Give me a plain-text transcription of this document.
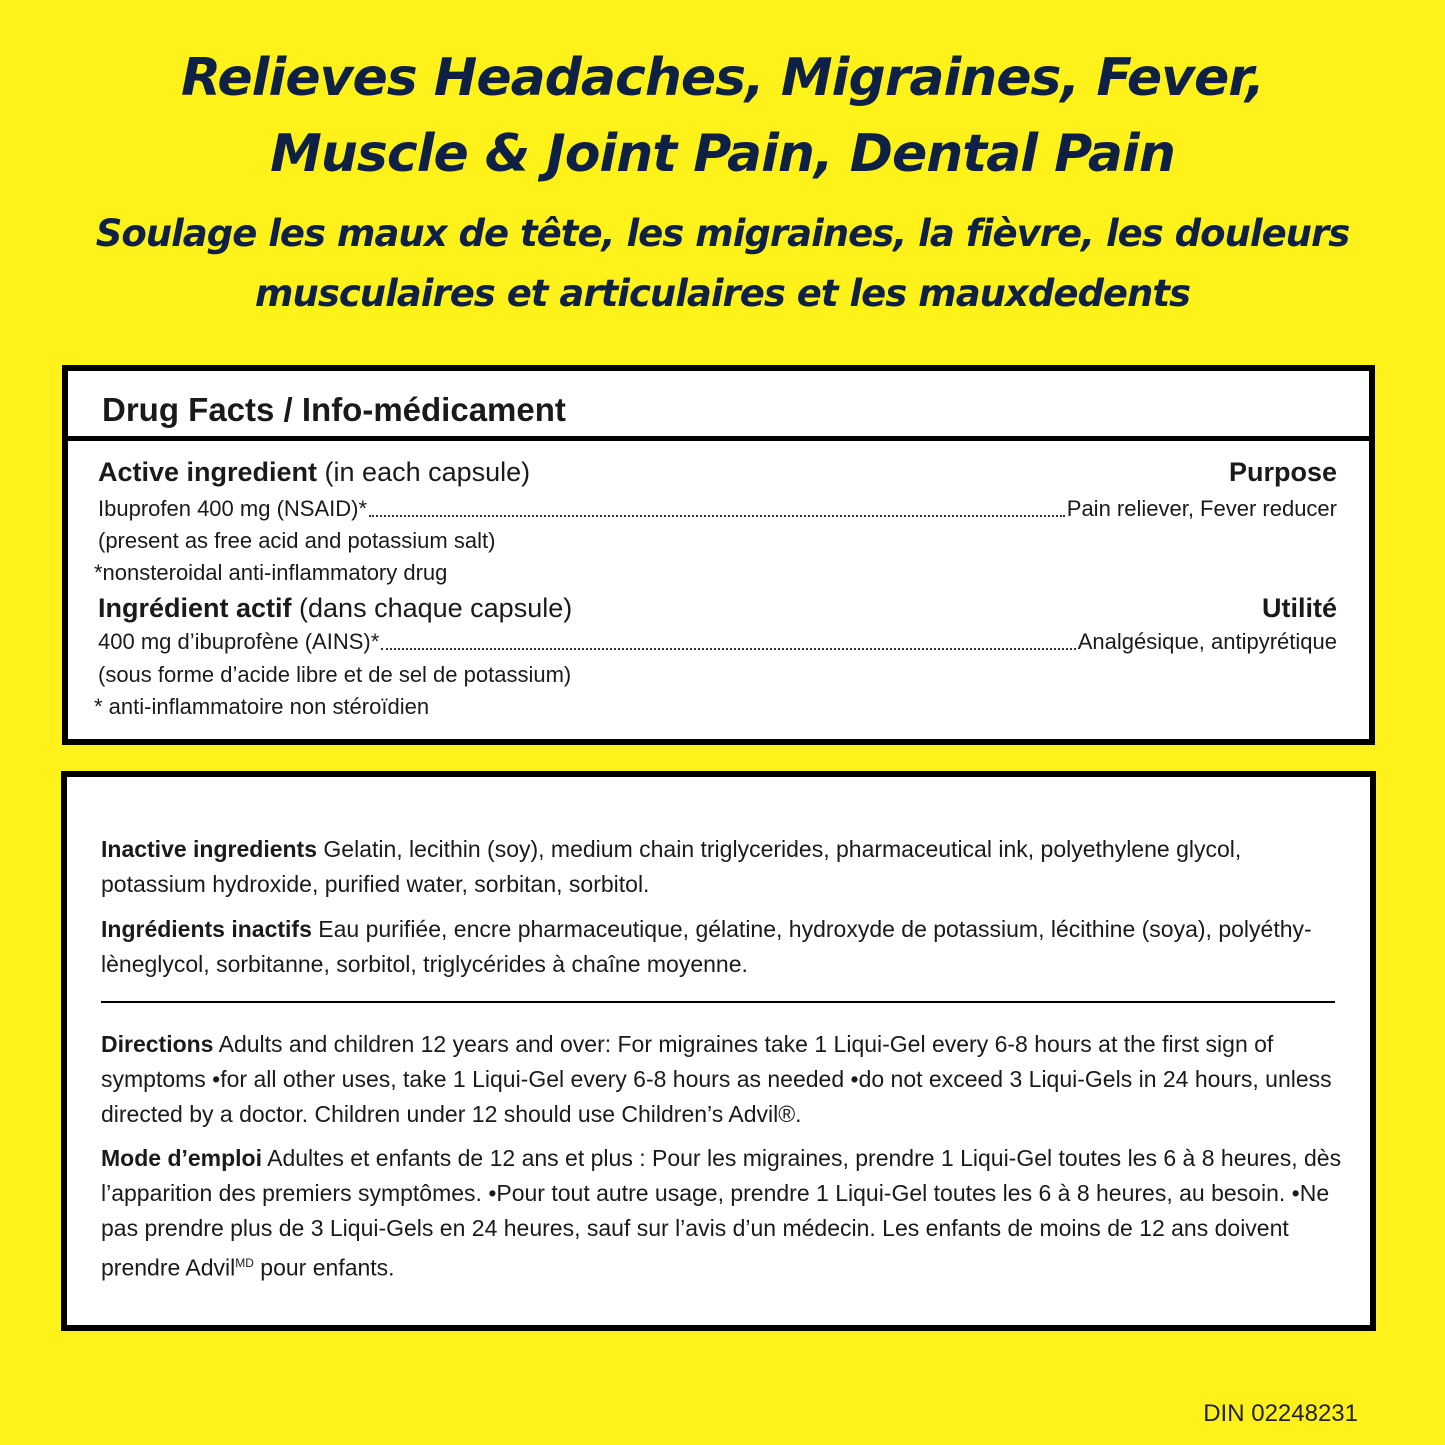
Relieves Headaches, Migraines, Fever,
Muscle & Joint Pain, Dental Pain
Soulage les maux de tête, les migraines, la fièvre, les douleurs
musculaires et articulaires et les mauxdedents
Drug Facts / Info-médicament
Active ingredient (in each capsule)	Purpose
Ibuprofen 400 mg (NSAID)*	Pain reliever, Fever reducer
(present as free acid and potassium salt)
*nonsteroidal anti-inflammatory drug
Ingrédient actif (dans chaque capsule)	Utilité
400 mg d’ibuprofène (AINS)*	Analgésique, antipyrétique
(sous forme d’acide libre et de sel de potassium)
* anti-inflammatoire non stéroïdien
Inactive ingredients Gelatin, lecithin (soy), medium chain triglycerides, pharmaceutical ink, polyethylene glycol, potassium hydroxide, purified water, sorbitan, sorbitol.
Ingrédients inactifs Eau purifiée, encre pharmaceutique, gélatine, hydroxyde de potassium, lécithine (soya), polyéthy-lèneglycol, sorbitanne, sorbitol, triglycérides à chaîne moyenne.
Directions Adults and children 12 years and over: For migraines take 1 Liqui-Gel every 6-8 hours at the first sign of symptoms •for all other uses, take 1 Liqui-Gel every 6-8 hours as needed •do not exceed 3 Liqui-Gels in 24 hours, unless directed by a doctor. Children under 12 should use Children’s Advil®.
Mode d’emploi Adultes et enfants de 12 ans et plus : Pour les migraines, prendre 1 Liqui-Gel toutes les 6 à 8 heures, dès l’apparition des premiers symptômes. •Pour tout autre usage, prendre 1 Liqui-Gel toutes les 6 à 8 heures, au besoin. •Ne pas prendre plus de 3 Liqui-Gels en 24 heures, sauf sur l’avis d’un médecin. Les enfants de moins de 12 ans doivent prendre Advil$^{MD}$ pour enfants.
DIN 02248231
